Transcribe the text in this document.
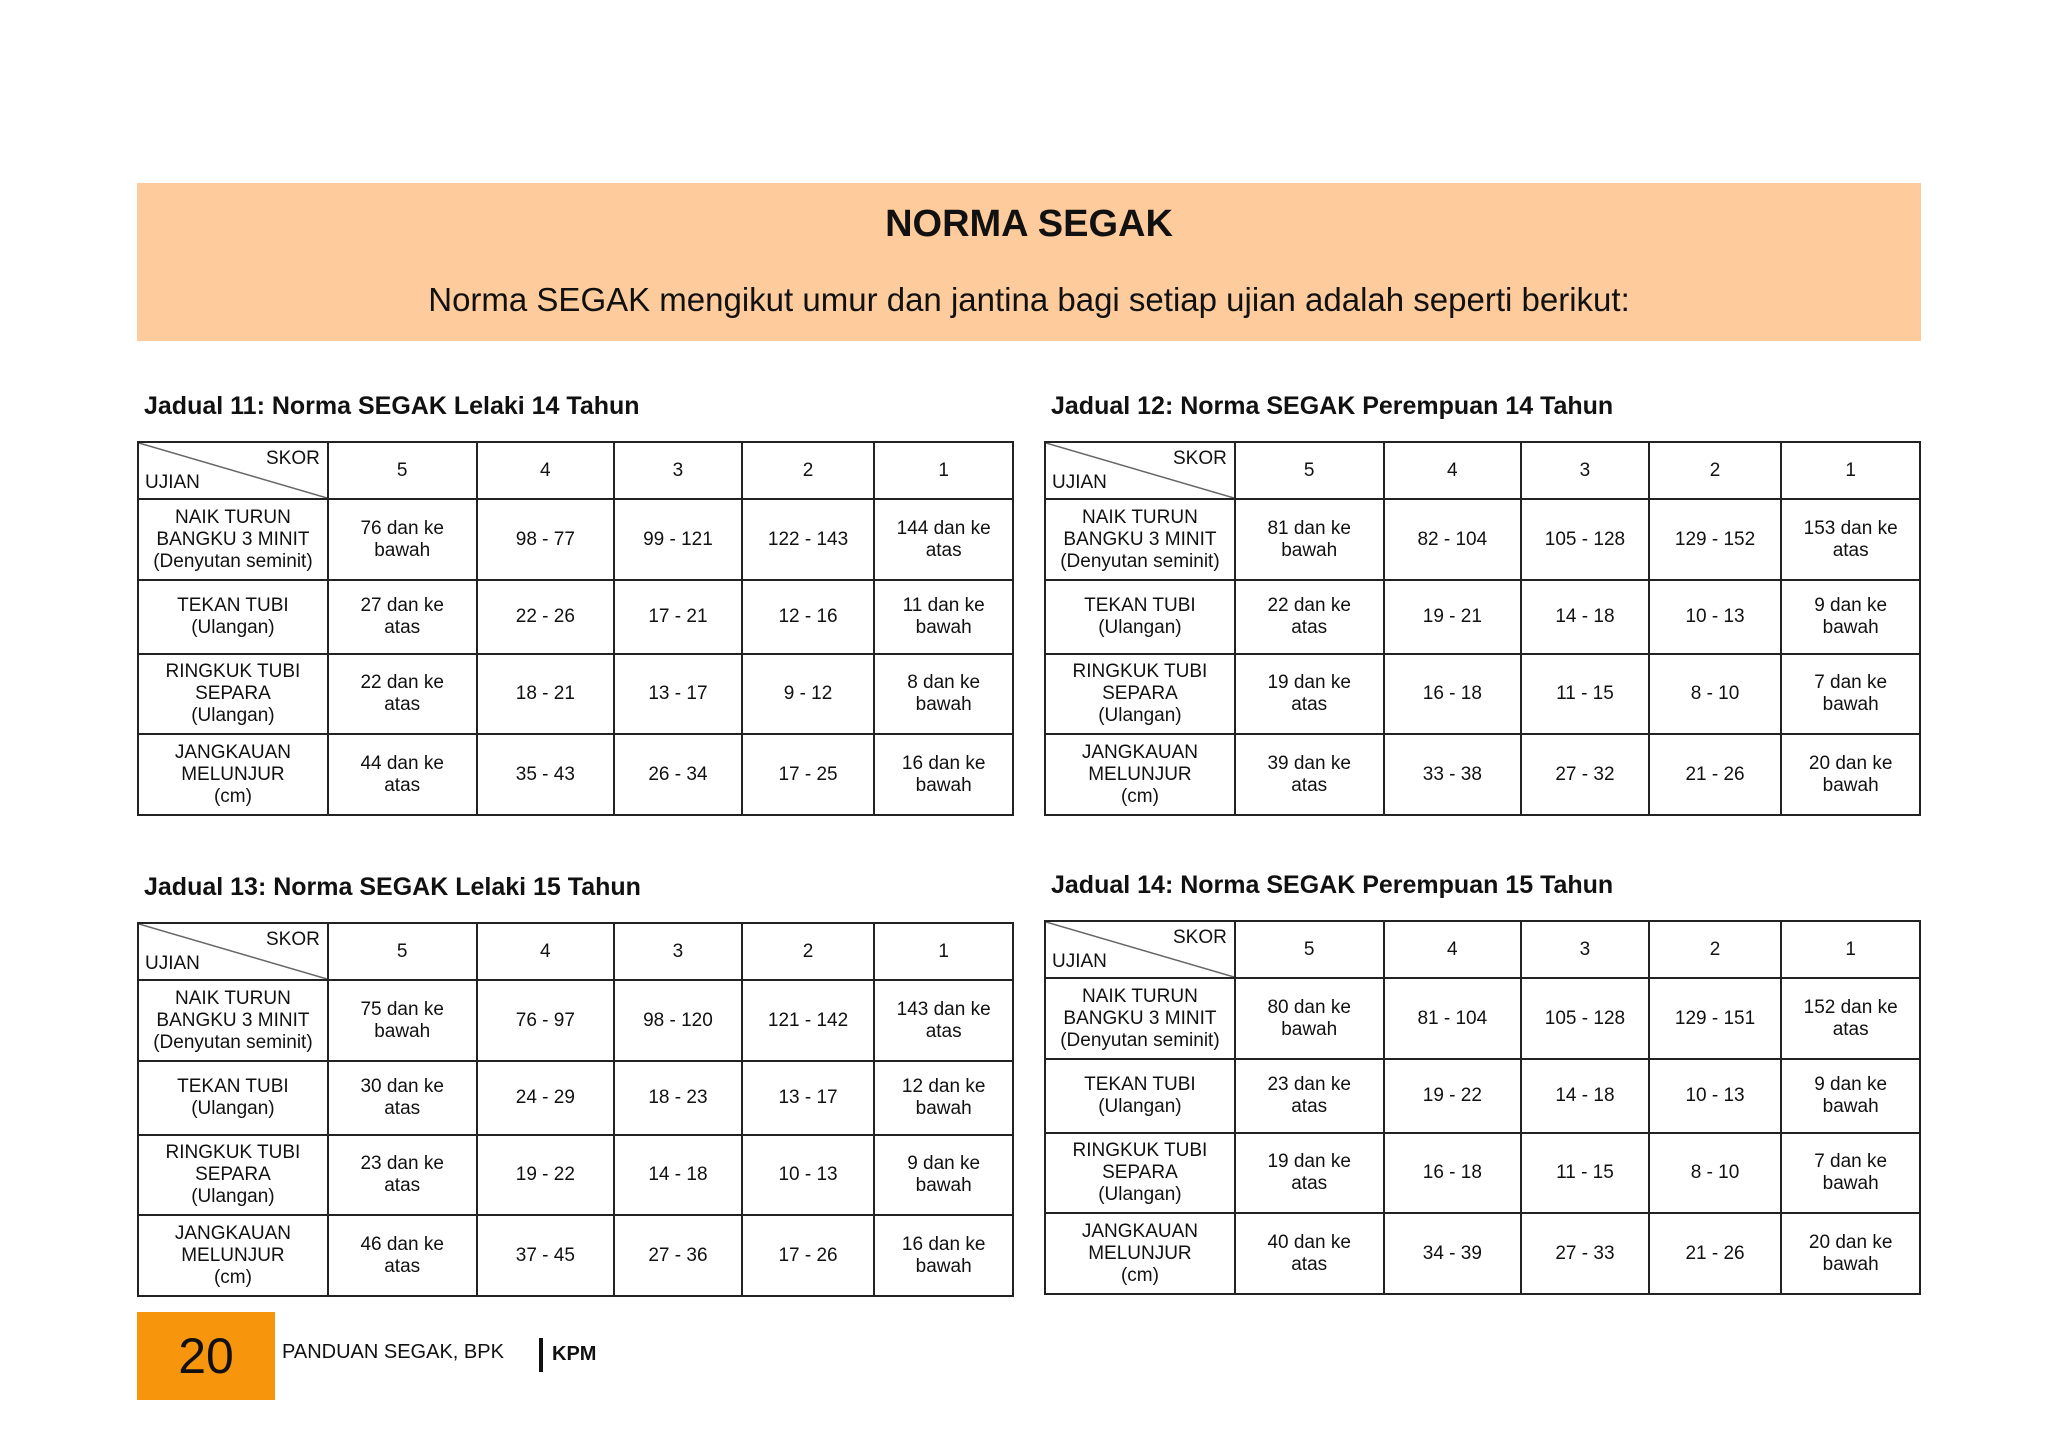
NORMA SEGAK
Norma SEGAK mengikut umur dan jantina bagi setiap ujian adalah seperti berikut:
Jadual 11: Norma SEGAK Lelaki 14 Tahun
SKOR
UJIAN	5	4	3	2	1

NAIK TURUN
BANGKU 3 MINIT
(Denyutan seminit)	76 dan ke
bawah	98 - 77	99 - 121	122 - 143	144 dan ke
atas

TEKAN TUBI
(Ulangan)	27 dan ke
atas	22 - 26	17 - 21	12 - 16	11 dan ke
bawah

RINGKUK TUBI
SEPARA
(Ulangan)	22 dan ke
atas	18 - 21	13 - 17	9 - 12	8 dan ke
bawah

JANGKAUAN
MELUNJUR
(cm)	44 dan ke
atas	35 - 43	26 - 34	17 - 25	16 dan ke
bawah
Jadual 12: Norma SEGAK Perempuan 14 Tahun
SKOR
UJIAN	5	4	3	2	1

NAIK TURUN
BANGKU 3 MINIT
(Denyutan seminit)	81 dan ke
bawah	82 - 104	105 - 128	129 - 152	153 dan ke
atas

TEKAN TUBI
(Ulangan)	22 dan ke
atas	19 - 21	14 - 18	10 - 13	9 dan ke
bawah

RINGKUK TUBI
SEPARA
(Ulangan)	19 dan ke
atas	16 - 18	11 - 15	8 - 10	7 dan ke
bawah

JANGKAUAN
MELUNJUR
(cm)	39 dan ke
atas	33 - 38	27 - 32	21 - 26	20 dan ke
bawah
Jadual 13: Norma SEGAK Lelaki 15 Tahun
SKOR
UJIAN	5	4	3	2	1

NAIK TURUN
BANGKU 3 MINIT
(Denyutan seminit)	75 dan ke
bawah	76 - 97	98 - 120	121 - 142	143 dan ke
atas

TEKAN TUBI
(Ulangan)	30 dan ke
atas	24 - 29	18 - 23	13 - 17	12 dan ke
bawah

RINGKUK TUBI
SEPARA
(Ulangan)	23 dan ke
atas	19 - 22	14 - 18	10 - 13	9 dan ke
bawah

JANGKAUAN
MELUNJUR
(cm)	46 dan ke
atas	37 - 45	27 - 36	17 - 26	16 dan ke
bawah
Jadual 14: Norma SEGAK Perempuan 15 Tahun
SKOR
UJIAN	5	4	3	2	1

NAIK TURUN
BANGKU 3 MINIT
(Denyutan seminit)	80 dan ke
bawah	81 - 104	105 - 128	129 - 151	152 dan ke
atas

TEKAN TUBI
(Ulangan)	23 dan ke
atas	19 - 22	14 - 18	10 - 13	9 dan ke
bawah

RINGKUK TUBI
SEPARA
(Ulangan)	19 dan ke
atas	16 - 18	11 - 15	8 - 10	7 dan ke
bawah

JANGKAUAN
MELUNJUR
(cm)	40 dan ke
atas	34 - 39	27 - 33	21 - 26	20 dan ke
bawah
20	PANDUAN SEGAK, BPK KPM
